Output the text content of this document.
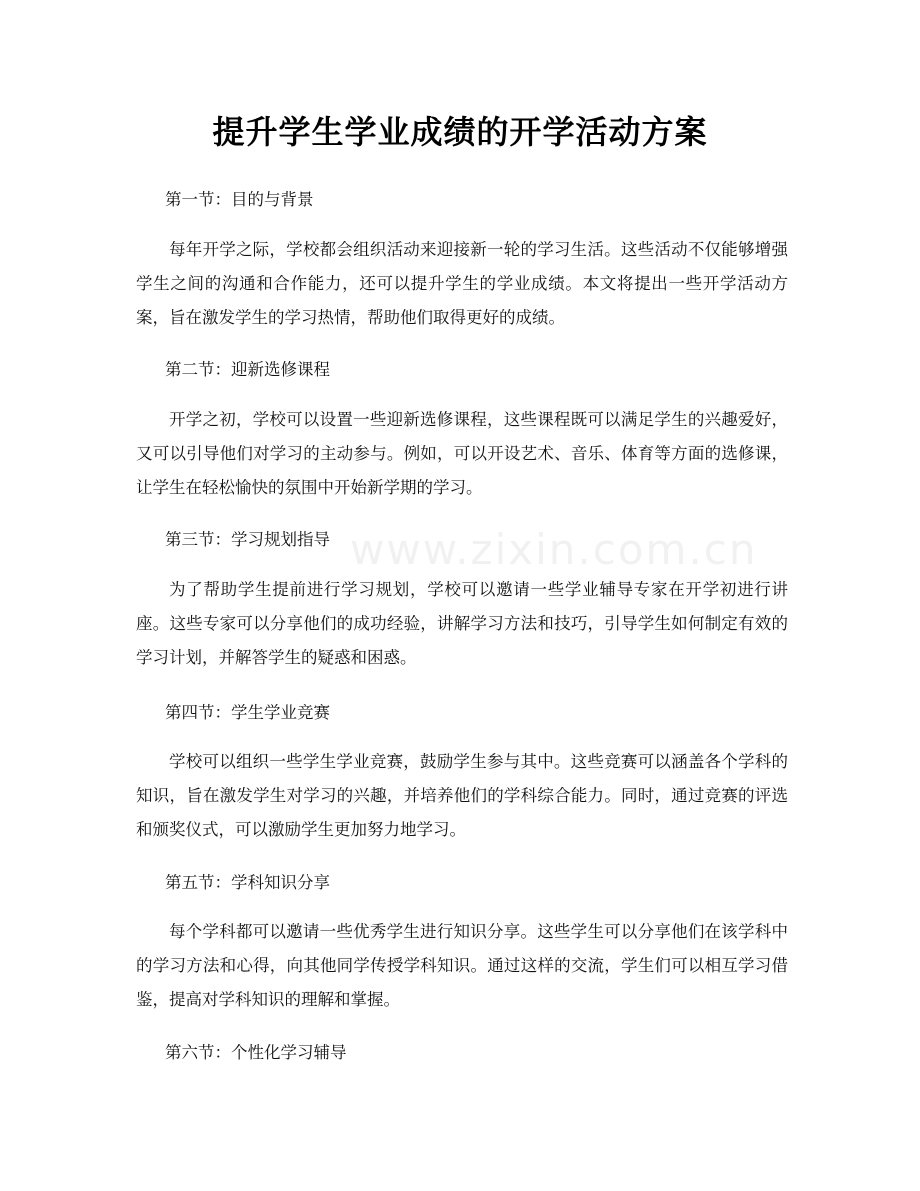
提升学生学业成绩的开学活动方案
www.zixin.com.cn

第一节：目的与背景

每年开学之际，学校都会组织活动来迎接新一轮的学习生活。这些活动不仅能够增强学生之间的沟通和合作能力，还可以提升学生的学业成绩。本文将提出一些开学活动方案，旨在激发学生的学习热情，帮助他们取得更好的成绩。

第二节：迎新选修课程

开学之初，学校可以设置一些迎新选修课程，这些课程既可以满足学生的兴趣爱好，又可以引导他们对学习的主动参与。例如，可以开设艺术、音乐、体育等方面的选修课，让学生在轻松愉快的氛围中开始新学期的学习。

第三节：学习规划指导

为了帮助学生提前进行学习规划，学校可以邀请一些学业辅导专家在开学初进行讲座。这些专家可以分享他们的成功经验，讲解学习方法和技巧，引导学生如何制定有效的学习计划，并解答学生的疑惑和困惑。

第四节：学生学业竞赛

学校可以组织一些学生学业竞赛，鼓励学生参与其中。这些竞赛可以涵盖各个学科的知识，旨在激发学生对学习的兴趣，并培养他们的学科综合能力。同时，通过竞赛的评选和颁奖仪式，可以激励学生更加努力地学习。

第五节：学科知识分享

每个学科都可以邀请一些优秀学生进行知识分享。这些学生可以分享他们在该学科中的学习方法和心得，向其他同学传授学科知识。通过这样的交流，学生们可以相互学习借鉴，提高对学科知识的理解和掌握。

第六节：个性化学习辅导
